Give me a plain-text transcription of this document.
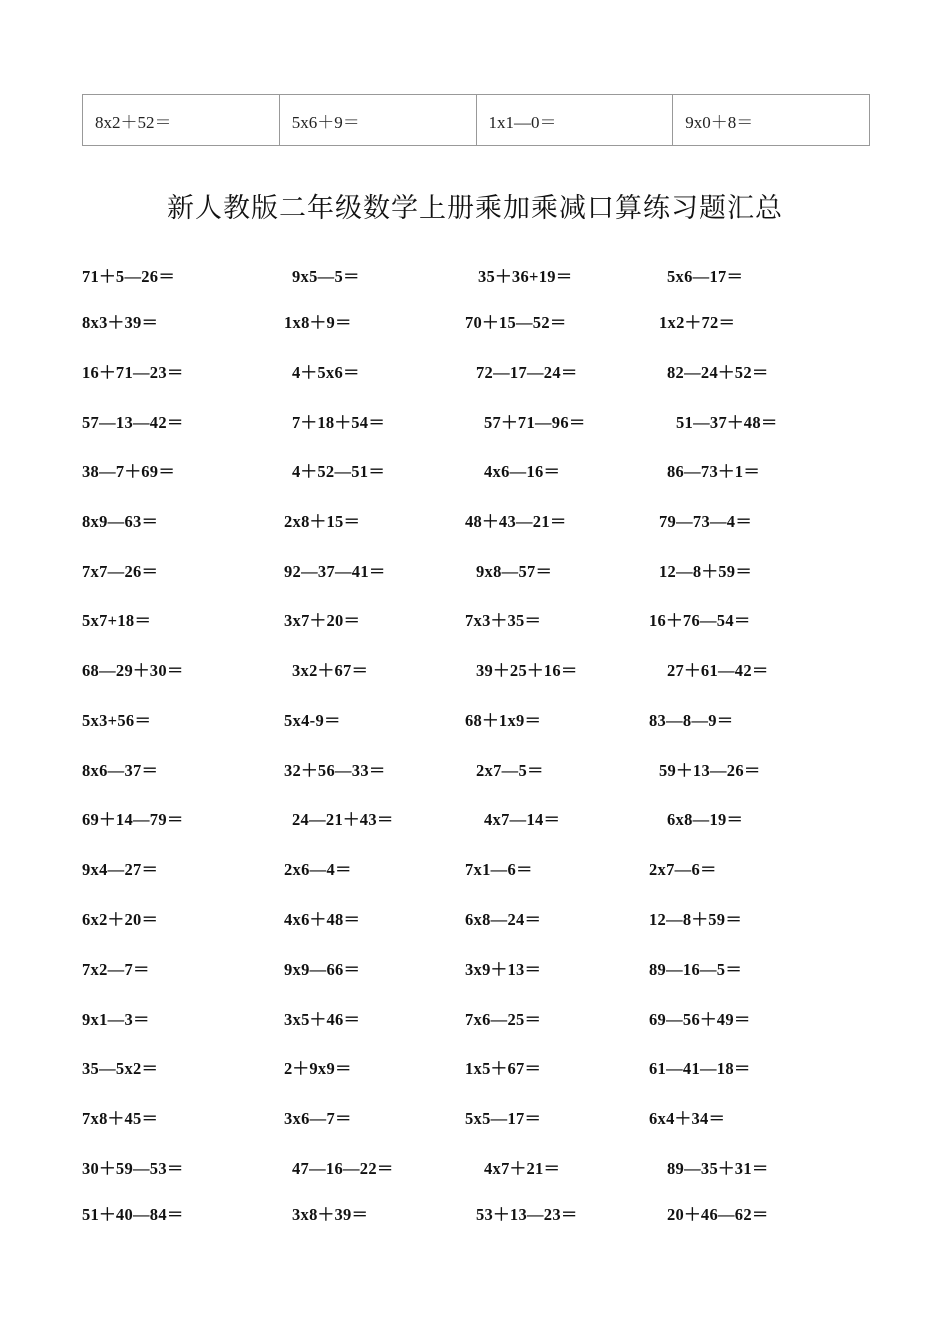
8x2＋52＝	5x6＋9＝	1x1—0＝	9x0＋8＝
新人教版二年级数学上册乘加乘减口算练习题汇总
71＋5—26＝	9x5—5＝	35＋36+19＝	5x6—17＝
8x3＋39＝	1x8＋9＝	70＋15—52＝	1x2＋72＝
16＋71—23＝	4＋5x6＝	72—17—24＝	82—24＋52＝
57—13—42＝	7＋18＋54＝	57＋71—96＝	51—37＋48＝
38—7＋69＝	4＋52—51＝	4x6—16＝	86—73＋1＝
8x9—63＝	2x8＋15＝	48＋43—21＝	79—73—4＝
7x7—26＝	92—37—41＝	9x8—57＝	12—8＋59＝
5x7+18＝	3x7＋20＝	7x3＋35＝	16＋76—54＝
68—29＋30＝	3x2＋67＝	39＋25＋16＝	27＋61—42＝
5x3+56＝	5x4-9＝	68＋1x9＝	83—8—9＝
8x6—37＝	32＋56—33＝	2x7—5＝	59＋13—26＝
69＋14—79＝	24—21＋43＝	4x7—14＝	6x8—19＝
9x4—27＝	2x6—4＝	7x1—6＝	2x7—6＝
6x2＋20＝	4x6＋48＝	6x8—24＝	12—8＋59＝
7x2—7＝	9x9—66＝	3x9＋13＝	89—16—5＝
9x1—3＝	3x5＋46＝	7x6—25＝	69—56＋49＝
35—5x2＝	2＋9x9＝	1x5＋67＝	61—41—18＝
7x8＋45＝	3x6—7＝	5x5—17＝	6x4＋34＝
30＋59—53＝	47—16—22＝	4x7＋21＝	89—35＋31＝
51＋40—84＝	3x8＋39＝	53＋13—23＝	20＋46—62＝
